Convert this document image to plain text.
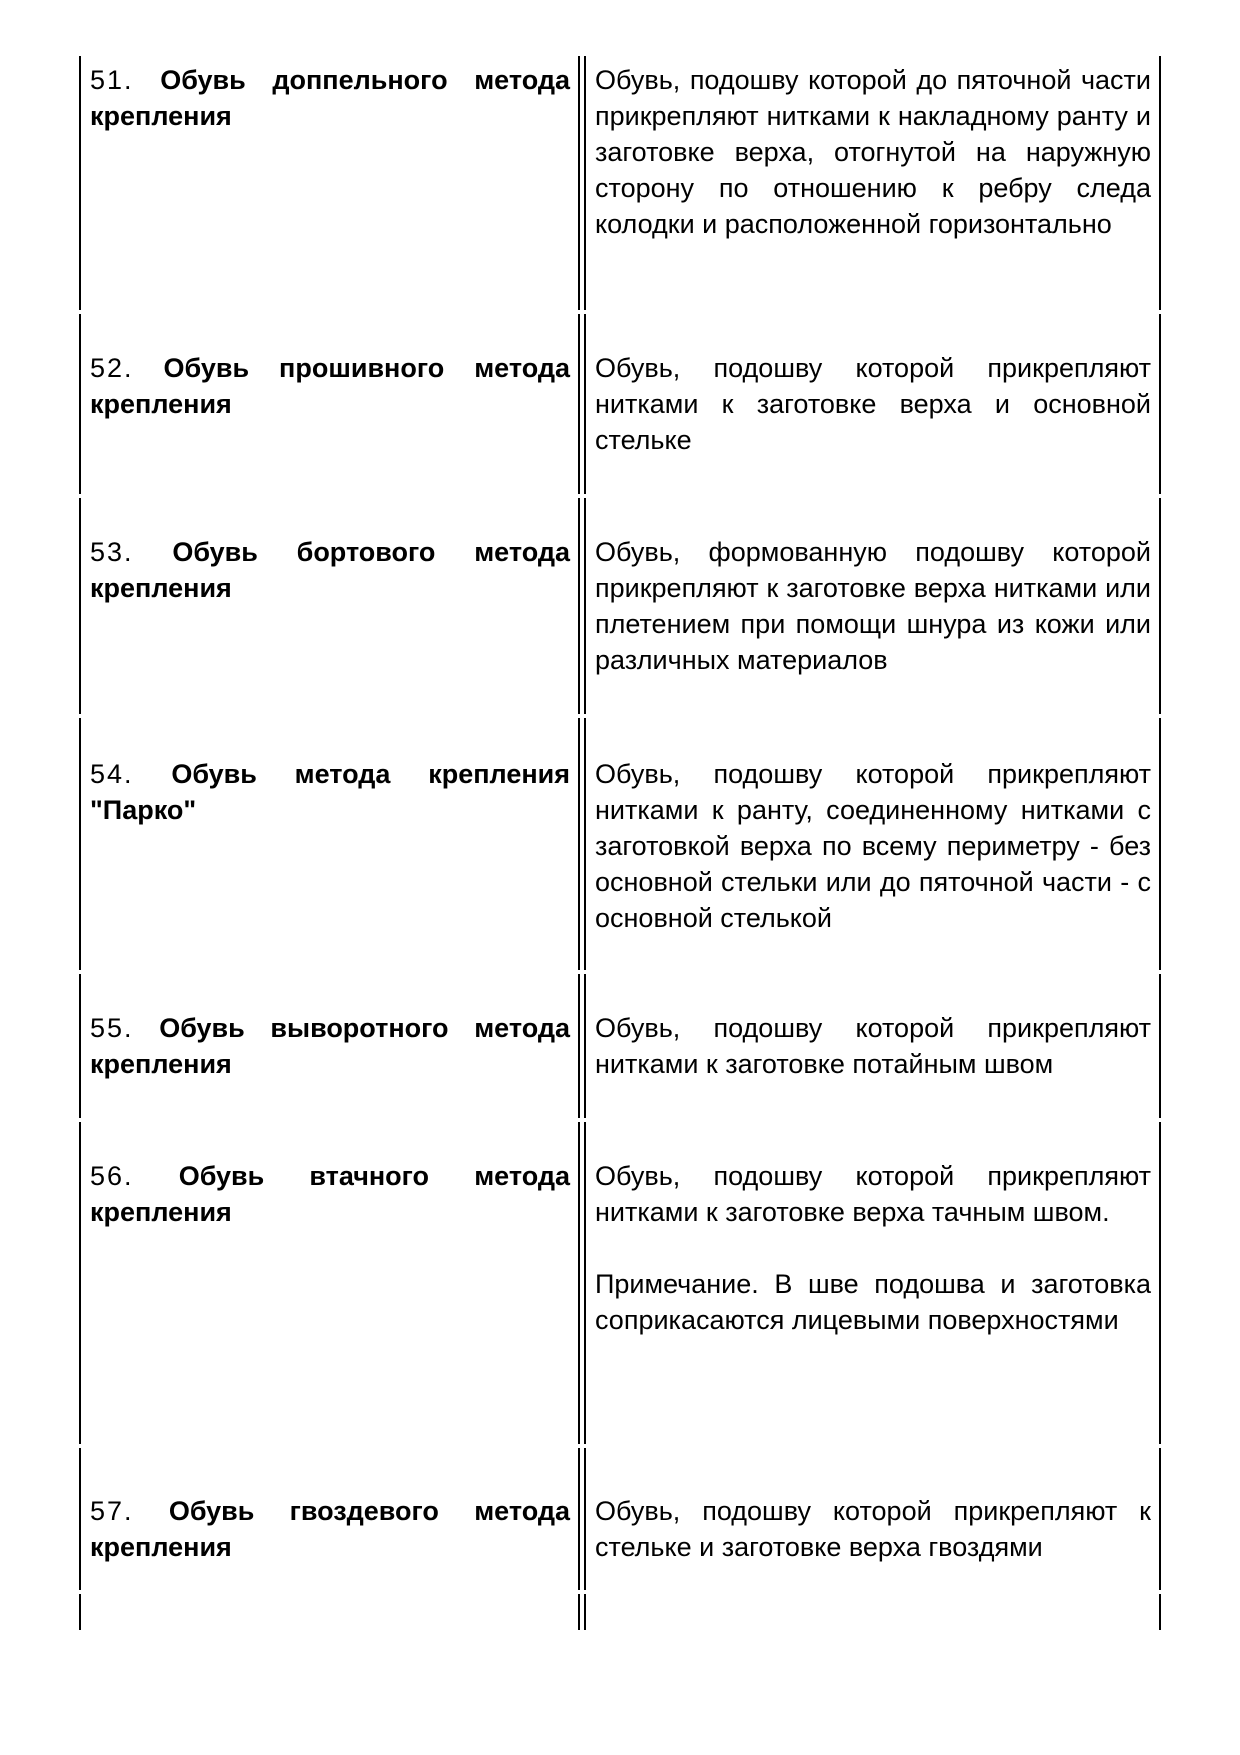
51. Обувь доппельного метода крепления

Обувь, подошву которой до пяточной части прикрепляют нитками к накладному ранту и заготовке верха, отогнутой на наружную сторону по отношению к ребру следа колодки и расположенной горизонтально

52. Обувь прошивного метода крепления

Обувь, подошву которой прикрепляют нитками к заготовке верха и основной стельке

53. Обувь бортового метода крепления

Обувь, формованную подошву которой прикрепляют к заготовке верха нитками или плетением при помощи шнура из кожи или различных материалов

54. Обувь метода крепления "Парко"

Обувь, подошву которой прикрепляют нитками к ранту, соединенному нитками с заготовкой верха по всему периметру - без основной стельки или до пяточной части - с основной стелькой

55. Обувь выворотного метода крепления

Обувь, подошву которой прикрепляют нитками к заготовке потайным швом

56. Обувь втачного метода крепления

Обувь, подошву которой прикрепляют нитками к заготовке верха тачным швом.

Примечание. В шве подошва и заготовка соприкасаются лицевыми поверхностями

57. Обувь гвоздевого метода крепления

Обувь, подошву которой прикрепляют к стельке и заготовке верха гвоздями
